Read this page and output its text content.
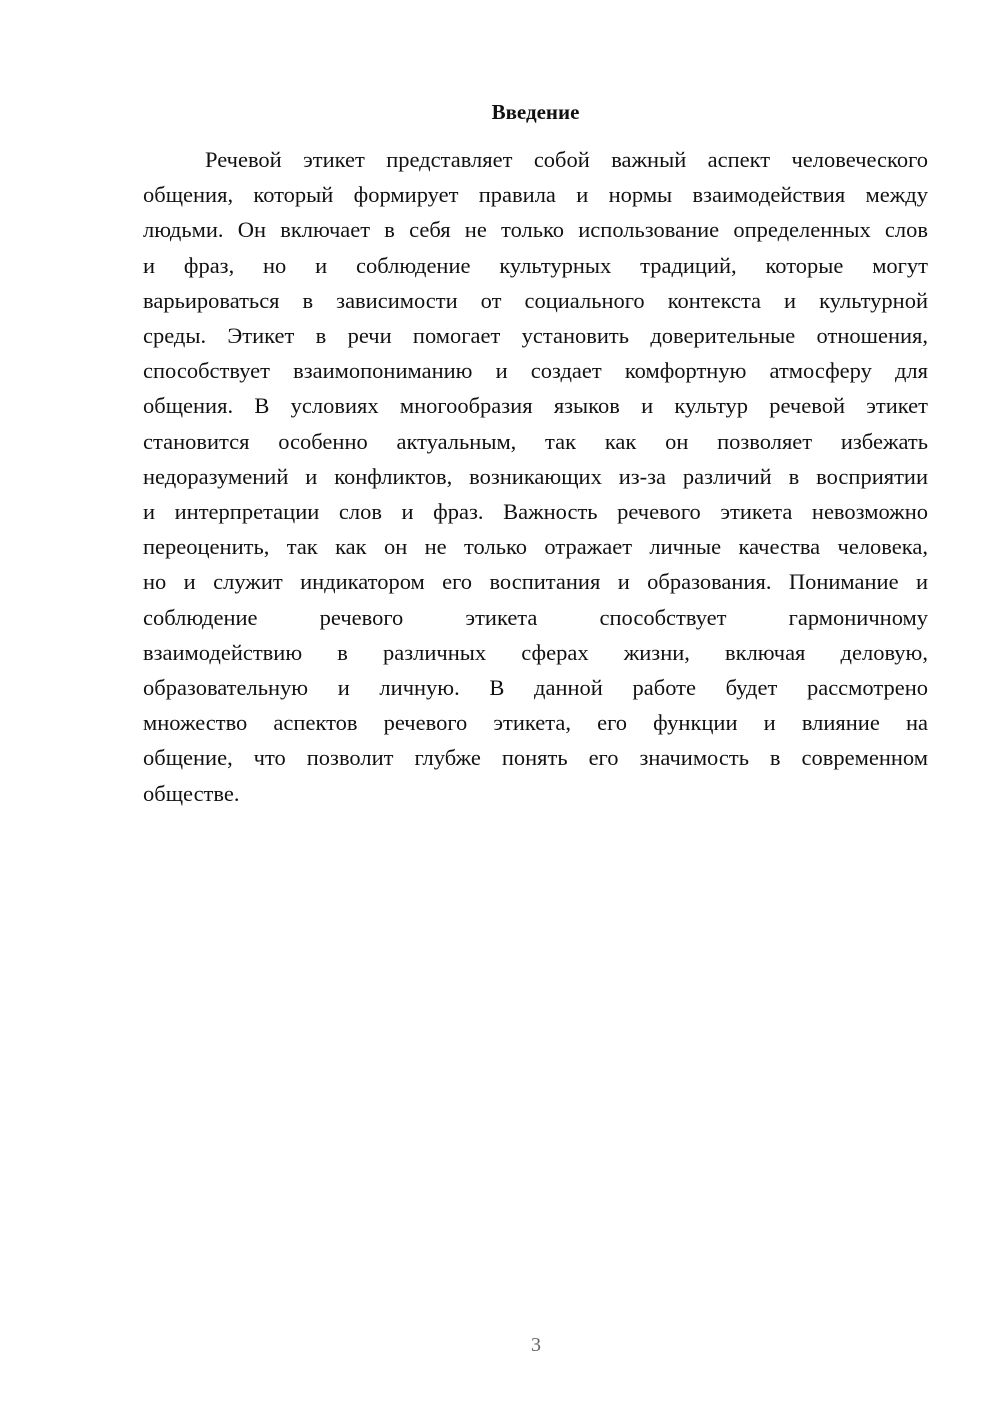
Введение
Речевой этикет представляет собой важный аспект человеческого
общения, который формирует правила и нормы взаимодействия между
людьми. Он включает в себя не только использование определенных слов
и фраз, но и соблюдение культурных традиций, которые могут
варьироваться в зависимости от социального контекста и культурной
среды. Этикет в речи помогает установить доверительные отношения,
способствует взаимопониманию и создает комфортную атмосферу для
общения. В условиях многообразия языков и культур речевой этикет
становится особенно актуальным, так как он позволяет избежать
недоразумений и конфликтов, возникающих из-за различий в восприятии
и интерпретации слов и фраз. Важность речевого этикета невозможно
переоценить, так как он не только отражает личные качества человека,
но и служит индикатором его воспитания и образования. Понимание и
соблюдение речевого этикета способствует гармоничному
взаимодействию в различных сферах жизни, включая деловую,
образовательную и личную. В данной работе будет рассмотрено
множество аспектов речевого этикета, его функции и влияние на
общение, что позволит глубже понять его значимость в современном
обществе.
3
